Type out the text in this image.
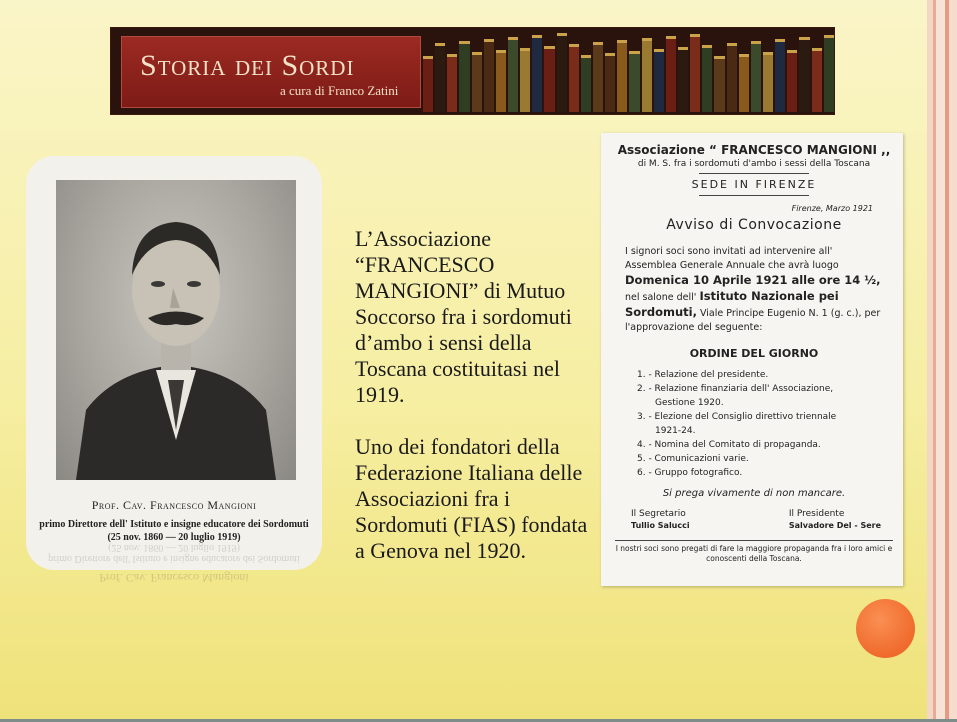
Storia dei Sordi
a cura di Franco Zatini
Prof. Cav. Francesco Mangioni
primo Direttore dell' Istituto e insigne educatore dei Sordomuti
(25 nov. 1860 — 20 luglio 1919)
Prof. Cav. Francesco Mangioni
primo Direttore dell' Istituto e insigne educatore dei Sordomuti
(25 nov. 1860 — 20 luglio 1919)

L’Associazione “FRANCESCO MANGIONI” di Mutuo Soccorso fra i sordomuti d’ambo i sensi della Toscana costituitasi nel 1919.

Uno dei fondatori della Federazione Italiana delle Associazioni fra i Sordomuti (FIAS) fondata a Genova nel 1920.

Associazione “ FRANCESCO MANGIONI ,,
di M. S. fra i sordomuti d'ambo i sessi della Toscana
SEDE IN FIRENZE
Firenze, Marzo 1921
Avviso di Convocazione
I signori soci sono invitati ad intervenire all' Assemblea Generale Annuale che avrà luogo Domenica 10 Aprile 1921 alle ore 14 ½, nel salone dell' Istituto Nazionale pei Sordomuti, Viale Principe Eugenio N. 1 (g. c.), per l'approvazione del seguente:
ORDINE DEL GIORNO
1. - Relazione del presidente.
2. - Relazione finanziaria dell' Associazione,
Gestione 1920.
3. - Elezione del Consiglio direttivo triennale
1921-24.
4. - Nomina del Comitato di propaganda.
5. - Comunicazioni varie.
6. - Gruppo fotografico.
Si prega vivamente di non mancare.
Il Segretario
Tullio Salucci
Il Presidente
Salvadore Del - Sere
I nostri soci sono pregati di fare la maggiore propaganda fra i loro amici e conoscenti della Toscana.
